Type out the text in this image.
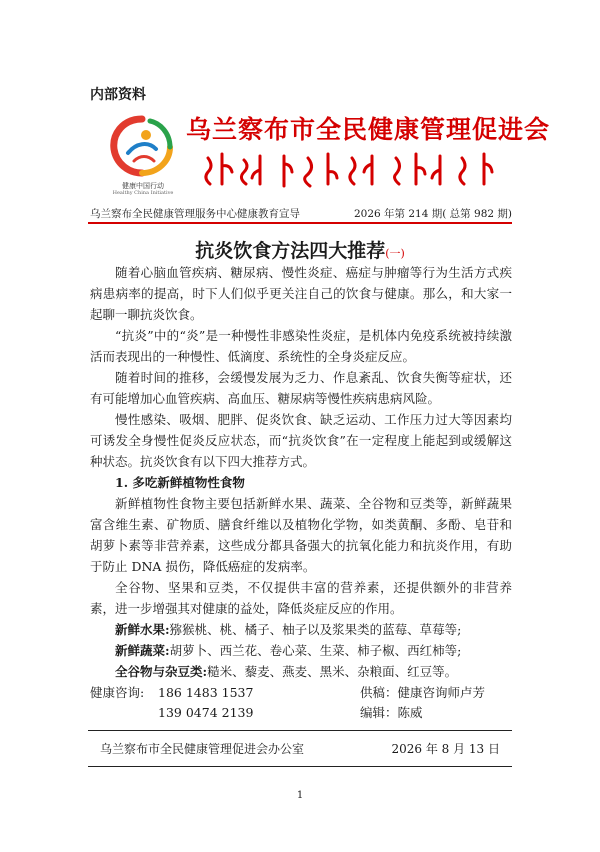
内部资料
健康中国行动
Healthy China Initiative
乌兰察布市全民健康管理促进会
乌兰察布全民健康管理服务中心健康教育宣导	2026 年第 214 期( 总第 982 期)
抗炎饮食方法四大推荐(一)

随着心脑血管疾病、糖尿病、慢性炎症、癌症与肿瘤等行为生活方式疾病患病率的提高，时下人们似乎更关注自己的饮食与健康。那么，和大家一起聊一聊抗炎饮食。

“抗炎”中的“炎”是一种慢性非感染性炎症，是机体内免疫系统被持续激活而表现出的一种慢性、低滴度、系统性的全身炎症反应。

随着时间的推移，会缓慢发展为乏力、作息紊乱、饮食失衡等症状，还有可能增加心血管疾病、高血压、糖尿病等慢性疾病患病风险。

慢性感染、吸烟、肥胖、促炎饮食、缺乏运动、工作压力过大等因素均可诱发全身慢性促炎反应状态，而“抗炎饮食”在一定程度上能起到或缓解这种状态。抗炎饮食有以下四大推荐方式。

1. 多吃新鲜植物性食物

新鲜植物性食物主要包括新鲜水果、蔬菜、全谷物和豆类等，新鲜蔬果富含维生素、矿物质、膳食纤维以及植物化学物，如类黄酮、多酚、皂苷和胡萝卜素等非营养素，这些成分都具备强大的抗氧化能力和抗炎作用，有助于防止 DNA 损伤，降低癌症的发病率。

全谷物、坚果和豆类，不仅提供丰富的营养素，还提供额外的非营养素，进一步增强其对健康的益处，降低炎症反应的作用。

新鲜水果:猕猴桃、桃、橘子、柚子以及浆果类的蓝莓、草莓等;

新鲜蔬菜:胡萝卜、西兰花、卷心菜、生菜、柿子椒、西红柿等;

全谷物与杂豆类:糙米、藜麦、燕麦、黑米、杂粮面、红豆等。

健康咨询: 186 1483 1537
139 0474 2139
供稿：健康咨询师卢芳
编辑：陈威
乌兰察布市全民健康管理促进会办公室	2026 年 8 月 13 日
1
